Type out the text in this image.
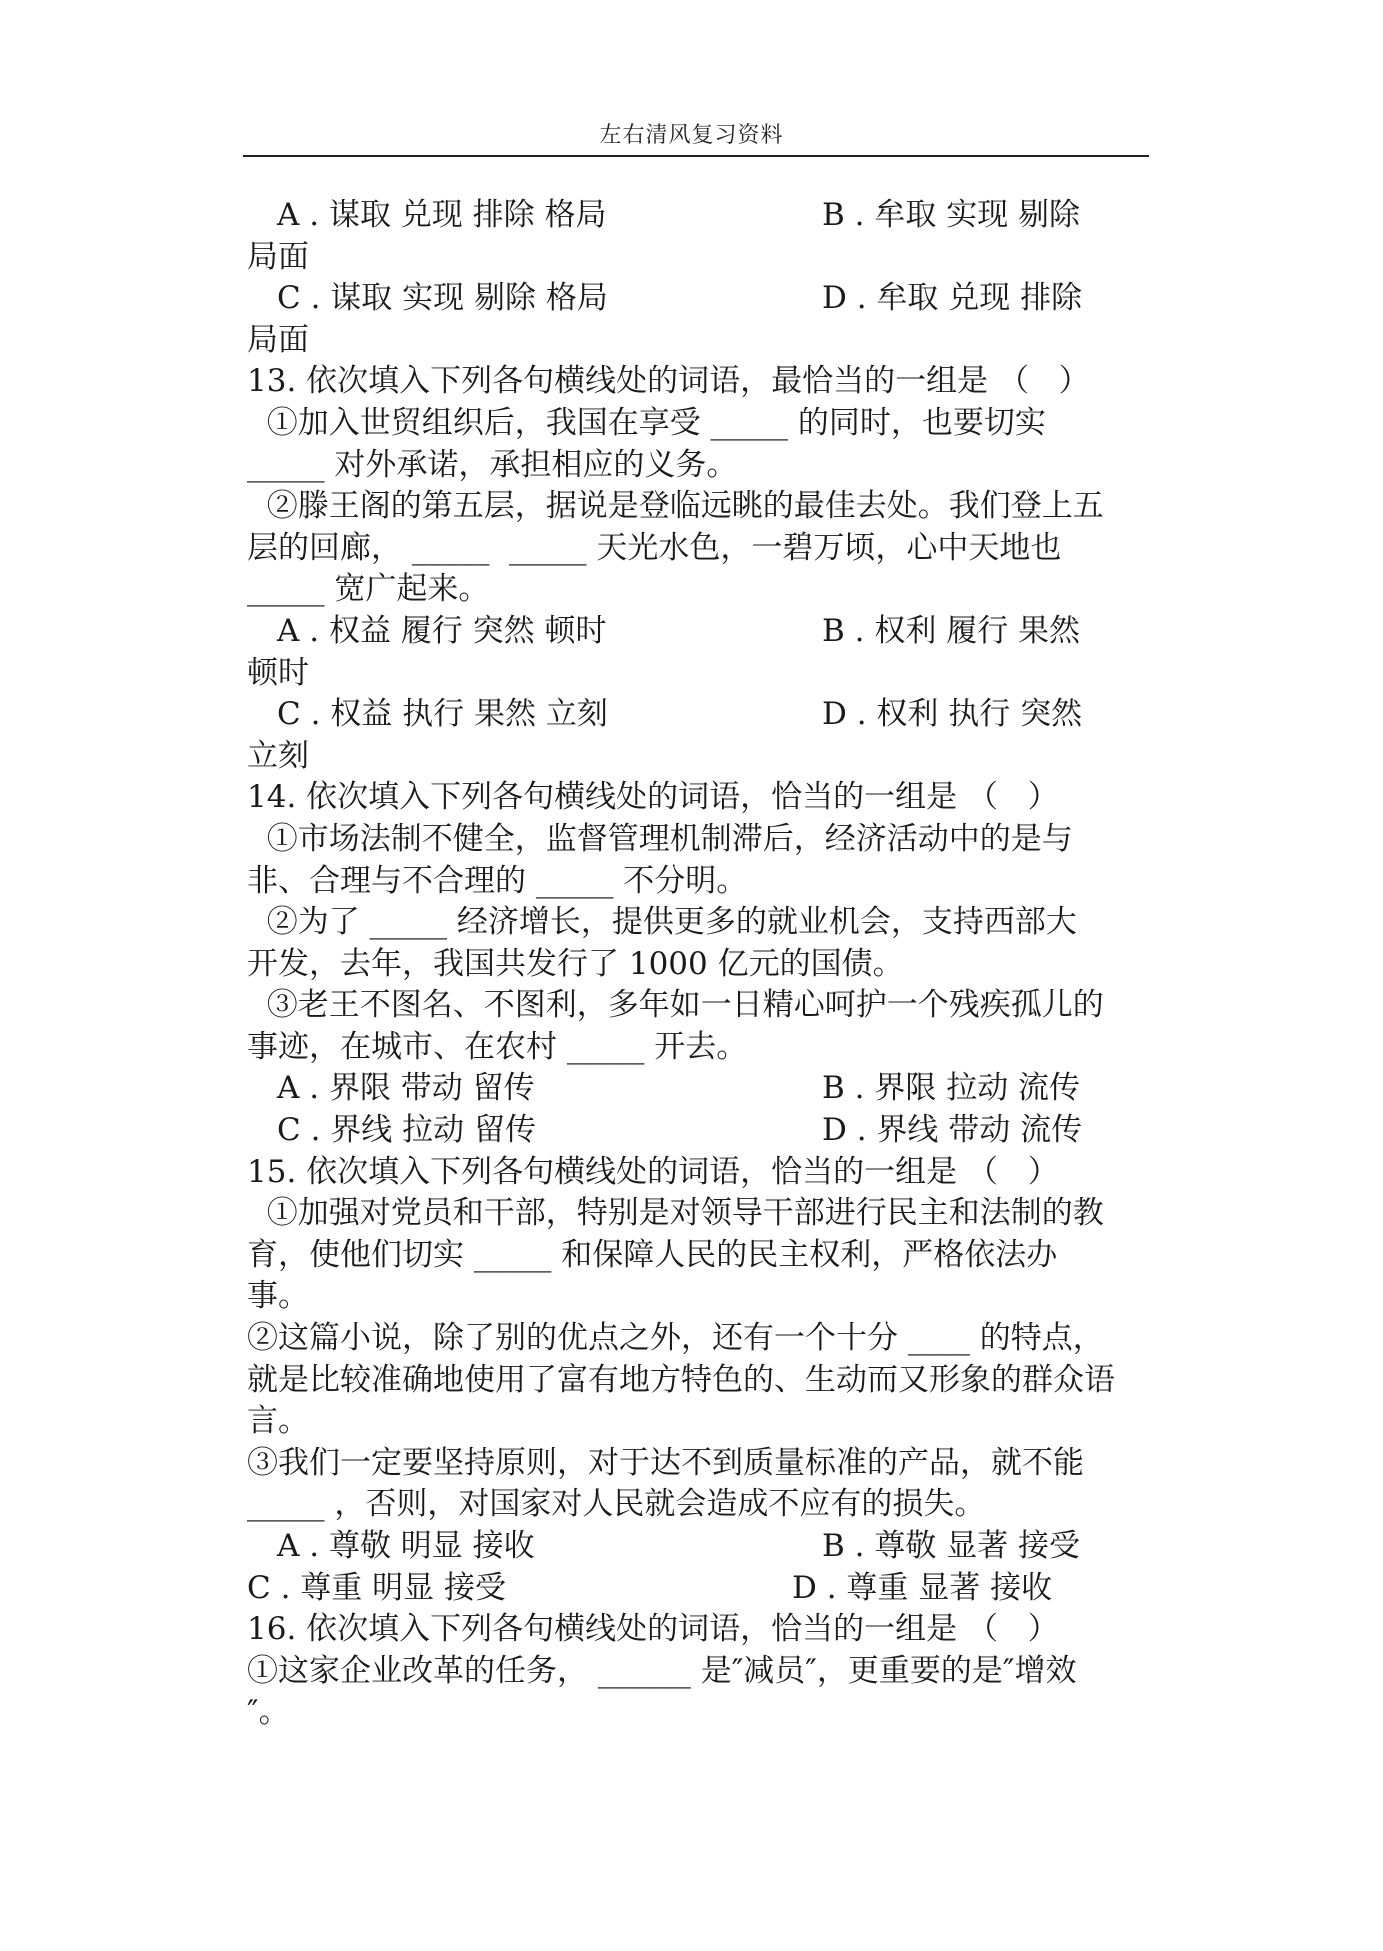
左右清风复习资料
A . 谋取 兑现 排除 格局	B . 牟取 实现 剔除
局面
C . 谋取 实现 剔除 格局	D . 牟取 兑现 排除
局面
13. 依次填入下列各句横线处的词语，最恰当的一组是 （   ）
①加入世贸组织后，我国在享受 _____ 的同时，也要切实
_____ 对外承诺，承担相应的义务。
②滕王阁的第五层，据说是登临远眺的最佳去处。我们登上五
层的回廊， _____  _____ 天光水色，一碧万顷，心中天地也
_____ 宽广起来。
A . 权益 履行 突然 顿时	B . 权利 履行 果然
顿时
C . 权益 执行 果然 立刻	D . 权利 执行 突然
立刻
14. 依次填入下列各句横线处的词语，恰当的一组是 （   ）
①市场法制不健全，监督管理机制滞后，经济活动中的是与
非、合理与不合理的 _____ 不分明。
②为了 _____ 经济增长，提供更多的就业机会，支持西部大
开发，去年，我国共发行了 1000 亿元的国债。
③老王不图名、不图利，多年如一日精心呵护一个残疾孤儿的
事迹，在城市、在农村 _____ 开去。
A . 界限 带动 留传	B . 界限 拉动 流传
C . 界线 拉动 留传	D . 界线 带动 流传
15. 依次填入下列各句横线处的词语，恰当的一组是 （   ）
①加强对党员和干部，特别是对领导干部进行民主和法制的教
育，使他们切实 _____ 和保障人民的民主权利，严格依法办
事。
②这篇小说，除了别的优点之外，还有一个十分 ____ 的特点，
就是比较准确地使用了富有地方特色的、生动而又形象的群众语
言。
③我们一定要坚持原则，对于达不到质量标准的产品，就不能
_____ ，否则，对国家对人民就会造成不应有的损失。
A . 尊敬 明显 接收	B . 尊敬 显著 接受
C . 尊重 明显 接受	D . 尊重 显著 接收
16. 依次填入下列各句横线处的词语，恰当的一组是 （   ）
①这家企业改革的任务， ______ 是″减员″，更重要的是″增效
″。
